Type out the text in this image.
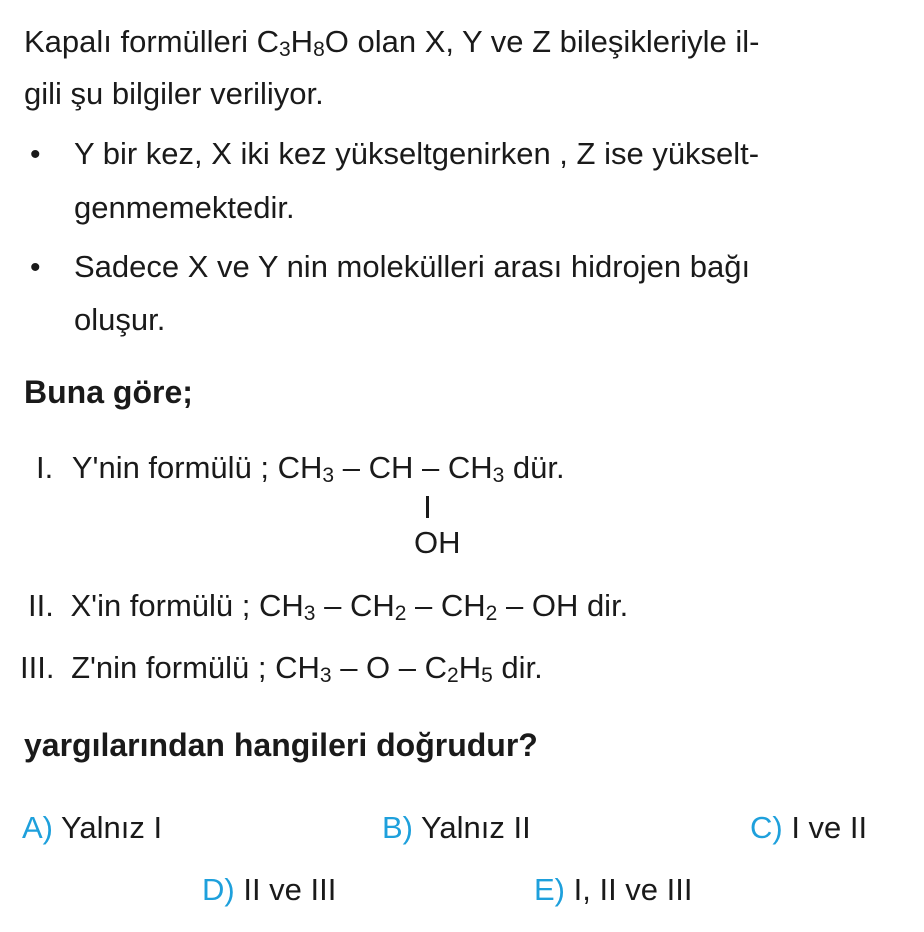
Kapalı formülleri $C_3H_8O$ olan X, Y ve Z bileşikleriyle il-
gili şu bilgiler veriliyor.
• Y bir kez, X iki kez yükseltgenirken , Z ise yükselt-
genmemektedir.
• Sadece X ve Y nin molekülleri arası hidrojen bağı
oluşur.
Buna göre;
I. Y'nin formülü ; $CH_3$ – CH – $CH_3$ dür.
OH
II. X'in formülü ; $CH_3 - CH_2 - CH_2$ – OH dir.
III. Z'nin formülü ; $CH_3$ – O – $C_2H_5$ dir.
yargılarından hangileri doğrudur?
A) Yalnız I	B) Yalnız II	C) I ve II
D) II ve III	E) I, II ve III
